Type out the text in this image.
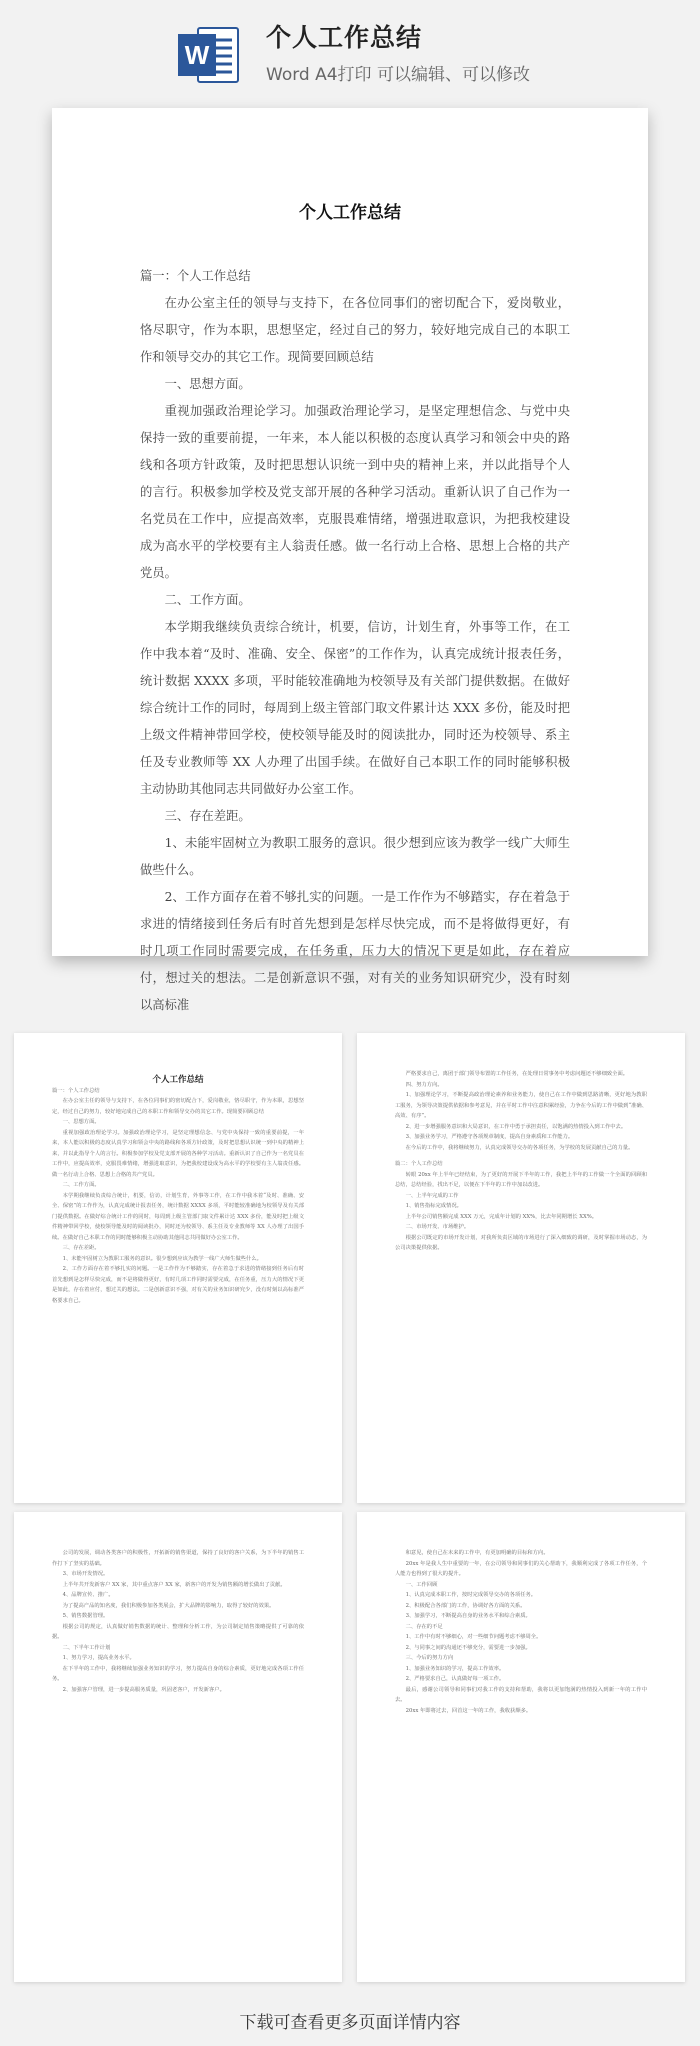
W
个人工作总结
Word A4打印 可以编辑、可以修改
个人工作总结

篇一：个人工作总结

在办公室主任的领导与支持下，在各位同事们的密切配合下，爱岗敬业，恪尽职守，作为本职，思想坚定，经过自己的努力，较好地完成自己的本职工作和领导交办的其它工作。现简要回顾总结

一、思想方面。

重视加强政治理论学习。加强政治理论学习，是坚定理想信念、与党中央保持一致的重要前提，一年来，本人能以积极的态度认真学习和领会中央的路线和各项方针政策，及时把思想认识统一到中央的精神上来，并以此指导个人的言行。积极参加学校及党支部开展的各种学习活动。重新认识了自己作为一名党员在工作中，应提高效率，克服畏难情绪，增强进取意识，为把我校建设成为高水平的学校要有主人翁责任感。做一名行动上合格、思想上合格的共产党员。

二、工作方面。

本学期我继续负责综合统计，机要，信访，计划生育，外事等工作，在工作中我本着“及时、准确、安全、保密”的工作作为，认真完成统计报表任务，统计数据 XXXX 多项，平时能较准确地为校领导及有关部门提供数据。在做好综合统计工作的同时，每周到上级主管部门取文件累计达 XXX 多份，能及时把上级文件精神带回学校，使校领导能及时的阅读批办，同时还为校领导、系主任及专业教师等 XX 人办理了出国手续。在做好自己本职工作的同时能够积极主动协助其他同志共同做好办公室工作。

三、存在差距。

1、未能牢固树立为教职工服务的意识。很少想到应该为教学一线广大师生做些什么。

2、工作方面存在着不够扎实的问题。一是工作作为不够踏实，存在着急于求进的情绪接到任务后有时首先想到是怎样尽快完成，而不是将做得更好，有时几项工作同时需要完成，在任务重，压力大的情况下更是如此，存在着应付，想过关的想法。二是创新意识不强，对有关的业务知识研究少，没有时刻以高标准

个人工作总结

篇一：个人工作总结

在办公室主任的领导与支持下，在各位同事们的密切配合下，爱岗敬业，恪尽职守，作为本职，思想坚定，经过自己的努力，较好地完成自己的本职工作和领导交办的其它工作。现简要回顾总结

一、思想方面。

重视加强政治理论学习。加强政治理论学习，是坚定理想信念、与党中央保持一致的重要前提，一年来，本人能以积极的态度认真学习和领会中央的路线和各项方针政策，及时把思想认识统一到中央的精神上来，并以此指导个人的言行。积极参加学校及党支部开展的各种学习活动。重新认识了自己作为一名党员在工作中，应提高效率，克服畏难情绪，增强进取意识，为把我校建设成为高水平的学校要有主人翁责任感。做一名行动上合格、思想上合格的共产党员。

二、工作方面。

本学期我继续负责综合统计，机要，信访，计划生育，外事等工作，在工作中我本着“及时、准确、安全、保密”的工作作为，认真完成统计报表任务，统计数据 XXXX 多项，平时能较准确地为校领导及有关部门提供数据。在做好综合统计工作的同时，每周到上级主管部门取文件累计达 XXX 多份，能及时把上级文件精神带回学校，使校领导能及时的阅读批办，同时还为校领导、系主任及专业教师等 XX 人办理了出国手续。在做好自己本职工作的同时能够积极主动协助其他同志共同做好办公室工作。

三、存在差距。

1、未能牢固树立为教职工服务的意识。很少想到应该为教学一线广大师生做些什么。

2、工作方面存在着不够扎实的问题。一是工作作为不够踏实，存在着急于求进的情绪接到任务后有时首先想到是怎样尽快完成，而不是将做得更好，有时几项工作同时需要完成，在任务重，压力大的情况下更是如此，存在着应付，想过关的想法。二是创新意识不强，对有关的业务知识研究少，没有时刻以高标准严格要求自己。

严格要求自己，离团于部门领导布置的工作任务，在处理日常事务中考虑问题还不够细致全面。

四、努力方向。

1、加强理论学习，不断提高政治理论素养和业务能力，使自己在工作中做到思路清晰，更好地为教职工服务，为领导决策提供依据和参考意见，并在平时工作中注意积累经验，力争在今后的工作中做到“准确、高效、有序”。

2、进一步增强服务意识和大局意识，在工作中勇于承担责任，以饱满的热情投入到工作中去。

3、加强业务学习，严格遵守各项规章制度，提高自身素质和工作能力。

在今后的工作中，我将继续努力，认真完成领导交办的各项任务，为学校的发展贡献自己的力量。

篇二：个人工作总结

转眼 20xx 年上半年已经结束，为了更好的开展下半年的工作，我把上半年的工作做一个全面的回顾和总结，总结经验，找出不足，以便在下半年的工作中加以改进。

一、上半年完成的工作

1、销售指标完成情况。

上半年公司销售额完成 XXX 万元，完成年计划的 XX%，比去年同期增长 XX%。

二、市场开发、市场维护。

根据公司既定的市场开发计划，对我所负责区域的市场进行了深入细致的调研，及时掌握市场动态，为公司决策提供依据。

公司的发展，调动各类客户的积极性，开拓新的销售渠道，保持了良好的客户关系，为下半年的销售工作打下了坚实的基础。

3、市场开发情况。

上半年共开发新客户 XX 家，其中重点客户 XX 家，新客户的开发为销售额的增长做出了贡献。

4、品牌宣传、推广。

为了提高产品的知名度，我们积极参加各类展会，扩大品牌的影响力，取得了较好的效果。

5、销售数据管理。

根据公司的规定，认真做好销售数据的统计、整理和分析工作，为公司制定销售策略提供了可靠的依据。

二、下半年工作计划

1、努力学习，提高业务水平。

在下半年的工作中，我将继续加强业务知识的学习，努力提高自身的综合素质，更好地完成各项工作任务。

2、加强客户管理，进一步提高服务质量，巩固老客户，开发新客户。

和意见，使自己在未来的工作中，有更加明确的目标和方向。

20xx 年是我人生中重要的一年，在公司领导和同事们的关心帮助下，我顺利完成了各项工作任务，个人能力也得到了很大的提升。

一、工作回顾

1、认真完成本职工作，按时完成领导交办的各项任务。

2、积极配合各部门的工作，协调好各方面的关系。

3、加强学习，不断提高自身的业务水平和综合素质。

二、存在的不足

1、工作中有时不够细心，对一些细节问题考虑不够周全。

2、与同事之间的沟通还不够充分，需要进一步加强。

三、今后的努力方向

1、加强业务知识的学习，提高工作效率。

2、严格要求自己，认真做好每一项工作。

最后，感谢公司领导和同事们对我工作的支持和帮助，我将以更加饱满的热情投入到新一年的工作中去。

20xx 年即将过去，回首这一年的工作，我收获颇多。

下载可查看更多页面详情内容
